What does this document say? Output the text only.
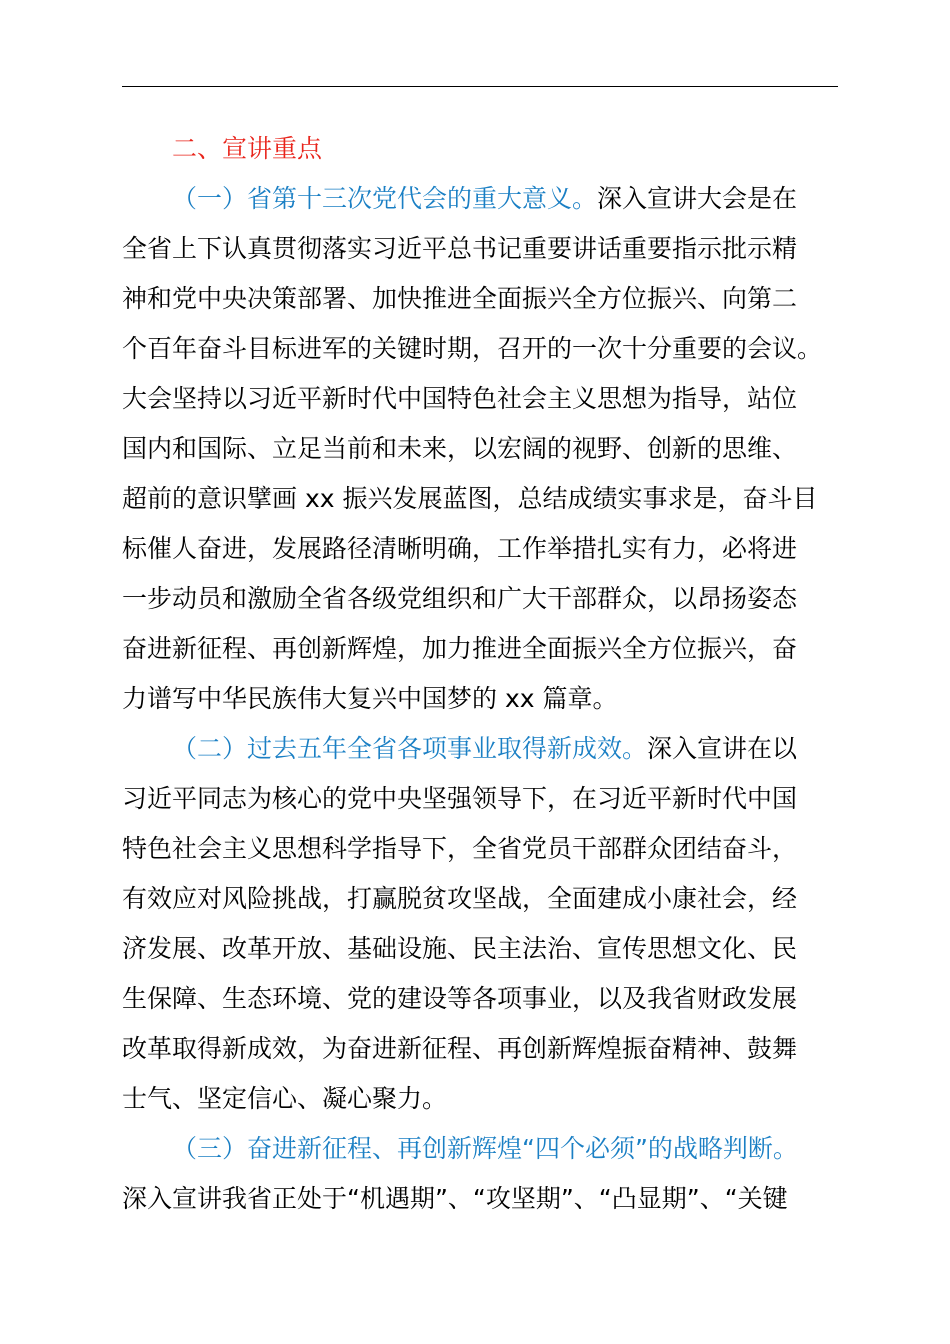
二、宣讲重点
（一）省第十三次党代会的重大意义。深入宣讲大会是在
全省上下认真贯彻落实习近平总书记重要讲话重要指示批示精
神和党中央决策部署、加快推进全面振兴全方位振兴、向第二
个百年奋斗目标进军的关键时期，召开的一次十分重要的会议。
大会坚持以习近平新时代中国特色社会主义思想为指导，站位
国内和国际、立足当前和未来，以宏阔的视野、创新的思维、
超前的意识擘画 xx 振兴发展蓝图，总结成绩实事求是，奋斗目
标催人奋进，发展路径清晰明确，工作举措扎实有力，必将进
一步动员和激励全省各级党组织和广大干部群众，以昂扬姿态
奋进新征程、再创新辉煌，加力推进全面振兴全方位振兴，奋
力谱写中华民族伟大复兴中国梦的 xx 篇章。
（二）过去五年全省各项事业取得新成效。深入宣讲在以
习近平同志为核心的党中央坚强领导下，在习近平新时代中国
特色社会主义思想科学指导下，全省党员干部群众团结奋斗，
有效应对风险挑战，打赢脱贫攻坚战，全面建成小康社会，经
济发展、改革开放、基础设施、民主法治、宣传思想文化、民
生保障、生态环境、党的建设等各项事业，以及我省财政发展
改革取得新成效，为奋进新征程、再创新辉煌振奋精神、鼓舞
士气、坚定信心、凝心聚力。
（三）奋进新征程、再创新辉煌“四个必须”的战略判断。
深入宣讲我省正处于“机遇期”、“攻坚期”、“凸显期”、“关键
